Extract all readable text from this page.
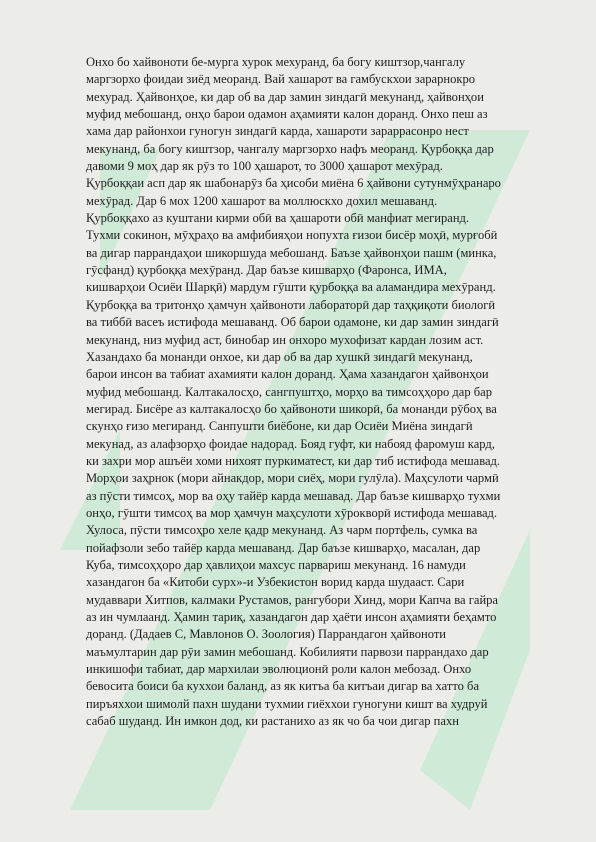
Онхо бо хайвоноти бе-мурга хурок мехуранд, ба богу киштзор,чангалу
маргзорхо фоидаи зиёд меоранд. Вай хашарот ва гамбускхои зарарнокро
мехурад. Ҳайвонҳое, ки дар об ва дар замин зиндагӣ мекунанд, ҳайвонҳои
муфид мебошанд, онҳо барои одамон аҳамияти калон доранд. Онхо пеш аз
хама дар районхои гуногун зиндагӣ карда, хашароти зараррасонро нест
мекунанд, ба богу киштзор, чангалу маргзорхо нафъ меоранд. Қурбоққа дар
давоми 9 моҳ дар як рӯз то 100 ҳашарот, то 3000 ҳашарот мехӯрад.
Қурбоққаи асп дар як шабонарӯз ба ҳисоби миёна 6 ҳайвони сутунмӯҳранаро
мехӯрад. Дар 6 мох 1200 хашарот ва моллюскхо дохил мешаванд.
Қурбоққахо аз куштани кирми обӣ ва ҳашароти обӣ манфиат мегиранд.
Тухми сокинон, мӯҳраҳо ва амфибияҳои нопухта ғизои бисёр моҳӣ, мурғобӣ
ва дигар паррандаҳои шикоршуда мебошанд. Баъзе ҳайвонҳои пашм (минка,
гӯсфанд) қурбоққа мехӯранд. Дар баъзе кишварҳо (Фаронса, ИМА,
кишварҳои Осиёи Шарқӣ) мардум гӯшти қурбоққа ва аламандира мехӯранд.
Қурбоққа ва тритонҳо ҳамчун ҳайвоноти лабораторӣ дар таҳқиқоти биологӣ
ва тиббӣ васеъ истифода мешаванд. Об барои одамоне, ки дар замин зиндагӣ
мекунанд, низ муфид аст, бинобар ин онхоро мухофизат кардан лозим аст.
Хазандахо ба монанди онхое, ки дар об ва дар хушкӣ зиндагӣ мекунанд,
барои инсон ва табиат ахамияти калон доранд. Ҳама хазандагон ҳайвонҳои
муфид мебошанд. Калтакалосҳо, сангпуштҳо, морҳо ва тимсоҳҳоро дар бар
мегирад. Бисёре аз калтакалосҳо бо ҳайвоноти шикорӣ, ба монанди рӯбоҳ ва
скунҳо ғизо мегиранд. Санпушти биёбоне, ки дар Осиёи Миёна зиндагӣ
мекунад, аз алафзорҳо фоидае надорад. Бояд гуфт, ки набояд фаромуш кард,
ки захри мор ашъёи хоми нихоят пуркиматест, ки дар тиб истифода мешавад.
Морҳои заҳрнок (мори айнакдор, мори сиёҳ, мори гулӯла). Маҳсулоти чармӣ
аз пӯсти тимсоҳ, мор ва оҳу тайёр карда мешавад. Дар баъзе кишварҳо тухми
онҳо, гӯшти тимсоҳ ва мор ҳамчун маҳсулоти хӯрокворӣ истифода мешавад.
Хулоса, пӯсти тимсоҳро хеле қадр мекунанд. Аз чарм портфель, сумка ва
пойафзоли зебо тайёр карда мешаванд. Дар баъзе кишварҳо, масалан, дар
Куба, тимсоҳҳоро дар ҳавлиҳои махсус парвариш мекунанд. 16 намуди
хазандагон ба «Китоби сурх»-и Узбекистон ворид карда шудааст. Сари
мудаввари Хитпов, калмаки Рустамов, рангубори Хинд, мори Капча ва гайра
аз ин чумлаанд. Ҳамин тариқ, хазандагон дар ҳаёти инсон аҳамияти беҳамто
доранд. (Дадаев С, Мавлонов О. Зоология) Паррандагон ҳайвоноти
маъмултарин дар рӯи замин мебошанд. Кобилияти парвози паррандахо дар
инкишофи табиат, дар мархилаи эволюционӣ роли калон мебозад. Онхо
бевосита боиси ба куххои баланд, аз як китъа ба китъаи дигар ва хатто ба
пиръяххои шимолй пахн шудани тухмии гиёххои гуногуни кишт ва худруй
сабаб шуданд. Ин имкон дод, ки растанихо аз як чо ба чои дигар пахн
